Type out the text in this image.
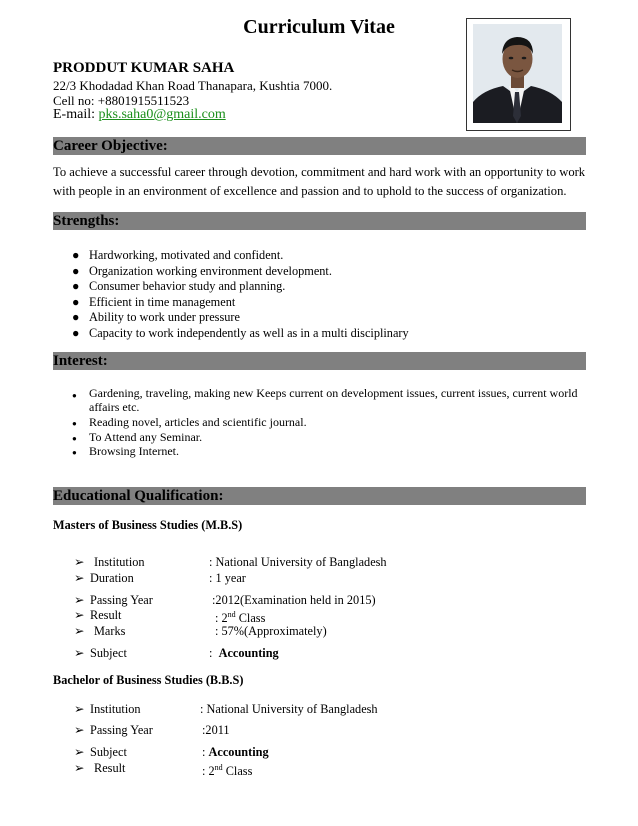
Curriculum Vitae
PRODDUT KUMAR SAHA
22/3 Khodadad Khan Road Thanapara, Kushtia 7000.
Cell no: +8801915511523
E-mail: pks.saha0@gmail.com
Career Objective:
To achieve a successful career through devotion, commitment and hard work with an opportunity to work with people in an environment of excellence and passion and to uphold to the success of organization.
Strengths:
● Hardworking, motivated and confident.
● Organization working environment development.
● Consumer behavior study and planning.
● Efficient in time management
● Ability to work under pressure
● Capacity to work independently as well as in a multi disciplinary
Interest:
● Gardening, traveling, making new Keeps current on development issues, current issues, current world affairs etc.
● Reading novel, articles and scientific journal.
● To Attend any Seminar.
● Browsing Internet.
Educational Qualification:
Masters of Business Studies (M.B.S)
➢ Institution	: National University of Bangladesh
➢ Duration	: 1 year
➢ Passing Year	:2012(Examination held in 2015)
➢ Result	: 2nd Class
➢ Marks	: 57%(Approximately)
➢ Subject	:  Accounting
Bachelor of Business Studies (B.B.S)
➢ Institution	: National University of Bangladesh
➢ Passing Year	:2011
➢ Subject	: Accounting
➢ Result	: 2nd Class
